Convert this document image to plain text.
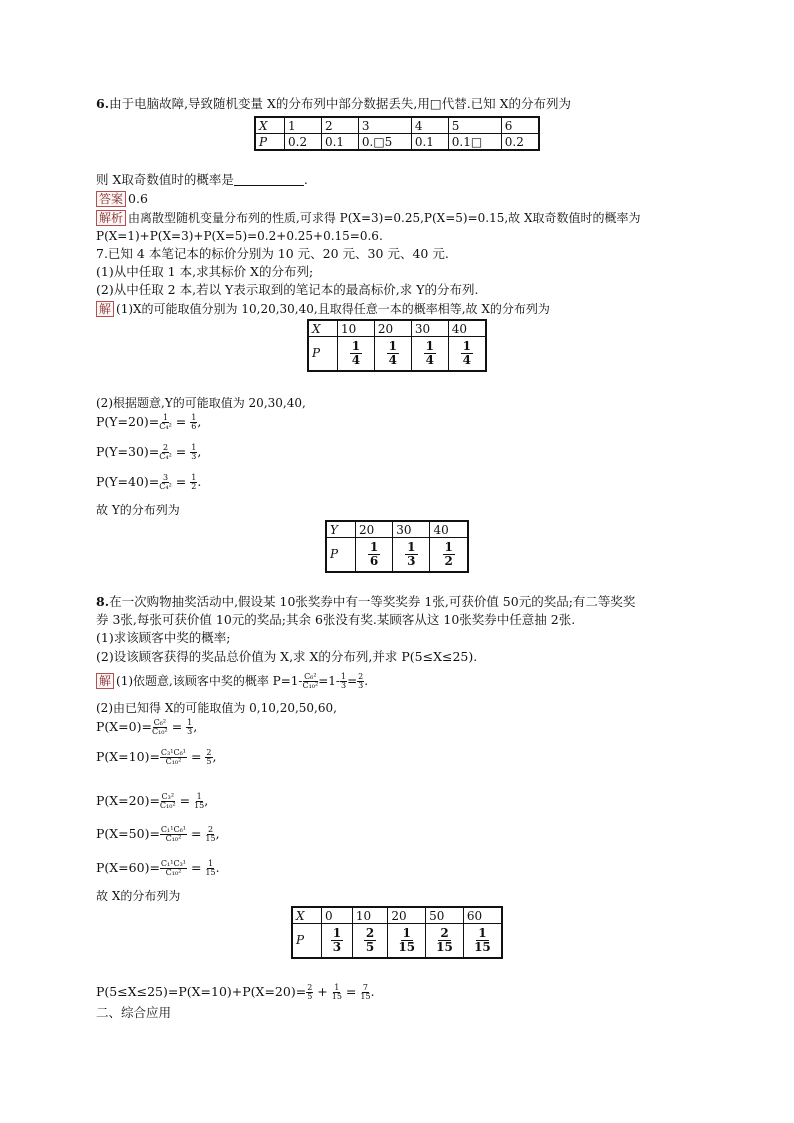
6.由于电脑故障,导致随机变量 X的分布列中部分数据丢失,用□代替.已知 X的分布列为
X	1	2	3	4	5	6
P	0.2	0.1	0.□5	0.1	0.1□	0.2
则 X取奇数值时的概率是	.
答案 0.6
解析 由离散型随机变量分布列的性质,可求得 P(X=3)=0.25,P(X=5)=0.15,故 X取奇数值时的概率为
P(X=1)+P(X=3)+P(X=5)=0.2+0.25+0.15=0.6.
7.已知 4 本笔记本的标价分别为 10 元、20 元、30 元、40 元.
(1)从中任取 1 本,求其标价 X的分布列;
(2)从中任取 2 本,若以 Y表示取到的笔记本的最高标价,求 Y的分布列.
解 (1)X的可能取值分别为 10,20,30,40,且取得任意一本的概率相等,故 X的分布列为
X	10	20	30	40
P	$\frac{1}{4}$	$\frac{1}{4}$	$\frac{1}{4}$	$\frac{1}{4}$
(2)根据题意,Y的可能取值为 20,30,40,
$P(Y=20)= \frac{1}{\text{C₄²}} = \frac{1}{6}$ ,
$P(Y=30)= \frac{2}{\text{C₄²}} = \frac{1}{3}$ ,
$P(Y=40)= \frac{3}{\text{C₄²}} = \frac{1}{2}$ .
故 Y的分布列为
Y	20	30	40
P	$\frac{1}{6}$	$\frac{1}{3}$	$\frac{1}{2}$
8.在一次购物抽奖活动中,假设某 10张奖券中有一等奖奖券 1张,可获价值 50元的奖品;有二等奖奖
券 3张,每张可获价值 10元的奖品;其余 6张没有奖.某顾客从这 10张奖券中任意抽 2张.
(1)求该顾客中奖的概率;
(2)设该顾客获得的奖品总价值为 X,求 X的分布列,并求 P(5≤X≤25).
解 (1)依题意,该顾客中奖的概率 $P=1- \frac{\text{C₆²}}{\text{C₁₀²}} =1- \frac{1}{3} = \frac{2}{3}$ .
(2)由已知得 X的可能取值为 0,10,20,50,60,
$P(X=0)= \frac{\text{C₆²}}{\text{C₁₀²}} = \frac{1}{3}$ ,
$P(X=10)= \frac{\text{C₃¹C₆¹}}{\text{C₁₀²}} = \frac{2}{5}$ ,
$P(X=20)= \frac{\text{C₃²}}{\text{C₁₀²}} = \frac{1}{15}$ ,
$P(X=50)= \frac{\text{C₁¹C₆¹}}{\text{C₁₀²}} = \frac{2}{15}$ ,
$P(X=60)= \frac{\text{C₁¹C₃¹}}{\text{C₁₀²}} = \frac{1}{15}$ .
故 X的分布列为
X	0	10	20	50	60
P	$\frac{1}{3}$	$\frac{2}{5}$	$\frac{1}{15}$	$\frac{2}{15}$	$\frac{1}{15}$
$P(5\le X\le 25)=P(X=10)+P(X=20)= \frac{2}{5} + \frac{1}{15} = \frac{7}{15}$ .
二、综合应用
